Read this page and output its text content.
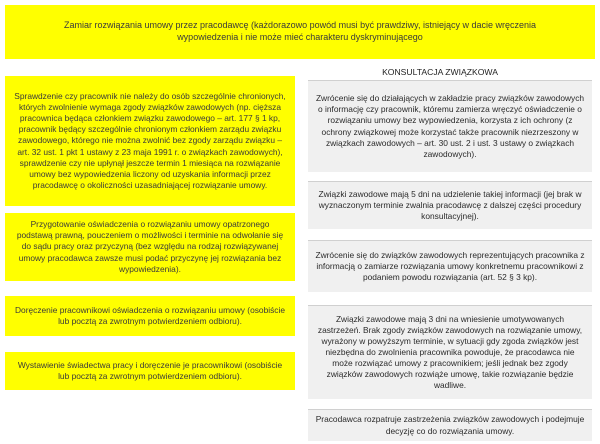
Zamiar rozwiązania umowy przez pracodawcę (każdorazowo powód musi być prawdziwy, istniejący w dacie wręczenia wypowiedzenia i nie może mieć charakteru dyskryminującego

KONSULTACJA ZWIĄZKOWA

Sprawdzenie czy pracownik nie należy do osób szczególnie chronionych, których zwolnienie wymaga zgody związków zawodowych (np. cięższa pracownica będąca członkiem związku zawodowego – art. 177 § 1 kp, pracownik będący szczególnie chronionym członkiem zarządu związku zawodowego, którego nie można zwolnić bez zgody zarządu związku – art. 32 ust. 1 pkt 1 ustawy z 23 maja 1991 r. o związkach zawodowych), sprawdzenie czy nie upłynął jeszcze termin 1 miesiąca na rozwiązanie umowy bez wypowiedzenia liczony od uzyskania informacji przez pracodawcę o okoliczności uzasadniającej rozwiązanie umowy.

Przygotowanie oświadczenia o rozwiązaniu umowy opatrzonego podstawą prawną, pouczeniem o możliwości i terminie na odwołanie się do sądu pracy oraz przyczyną (bez względu na rodzaj rozwiązywanej umowy pracodawca zawsze musi podać przyczynę jej rozwiązania bez wypowiedzenia).

Doręczenie pracownikowi oświadczenia o rozwiązaniu umowy (osobiście lub pocztą za zwrotnym potwierdzeniem odbioru).

Wystawienie świadectwa pracy i doręczenie je pracownikowi (osobiście lub pocztą za zwrotnym potwierdzeniem odbioru).

Zwrócenie się do działających w zakładzie pracy związków zawodowych o informację czy pracownik, któremu zamierza wręczyć oświadczenie o rozwiązaniu umowy bez wypowiedzenia, korzysta z ich ochrony (z ochrony związkowej może korzystać także pracownik niezrzeszony w związkach zawodowych – art. 30 ust. 2 i ust. 3 ustawy o związkach zawodowych).

Związki zawodowe mają 5 dni na udzielenie takiej informacji (jej brak w wyznaczonym terminie zwalnia pracodawcę z dalszej części procedury konsultacyjnej).

Zwrócenie się do związków zawodowych reprezentujących pracownika z informacją o zamiarze rozwiązania umowy konkretnemu pracownikowi z podaniem powodu rozwiązania (art. 52 § 3 kp).

Związki zawodowe mają 3 dni na wniesienie umotywowanych zastrzeżeń. Brak zgody związków zawodowych na rozwiązanie umowy, wyrażony w powyższym terminie, w sytuacji gdy zgoda związków jest niezbędna do zwolnienia pracownika powoduje, że pracodawca nie może rozwiązać umowy z pracownikiem; jeśli jednak bez zgody związków zawodowych rozwiąże umowę, takie rozwiązanie będzie wadliwe.

Pracodawca rozpatruje zastrzeżenia związków zawodowych i podejmuje decyzję co do rozwiązania umowy.
